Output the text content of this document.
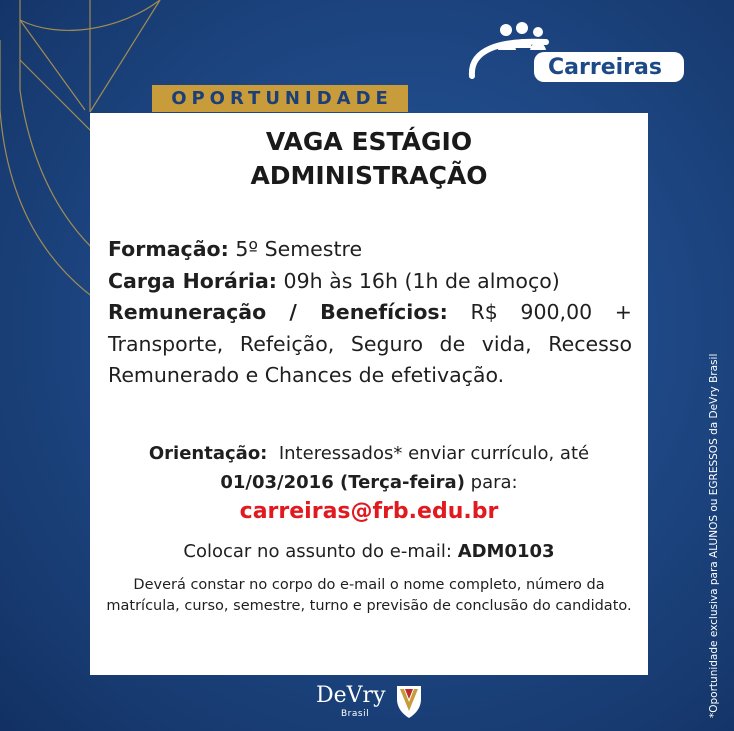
Carreiras
OPORTUNIDADE
VAGA ESTÁGIO
ADMINISTRAÇÃO
Formação: 5º Semestre
Carga Horária: 09h às 16h (1h de almoço)
Remuneração / Benefícios: R$ 900,00 + Transporte, Refeição, Seguro de vida, Recesso Remunerado e Chances de efetivação.
Orientação: Interessados* enviar currículo, até
01/03/2016 (Terça-feira) para:
carreiras@frb.edu.br
Colocar no assunto do e-mail: ADM0103
Deverá constar no corpo do e-mail o nome completo, número da matrícula, curso, semestre, turno e previsão de conclusão do candidato.
DeVry
Brasil	*Oportunidade exclusiva para ALUNOS ou EGRESSOS da DeVry Brasil
